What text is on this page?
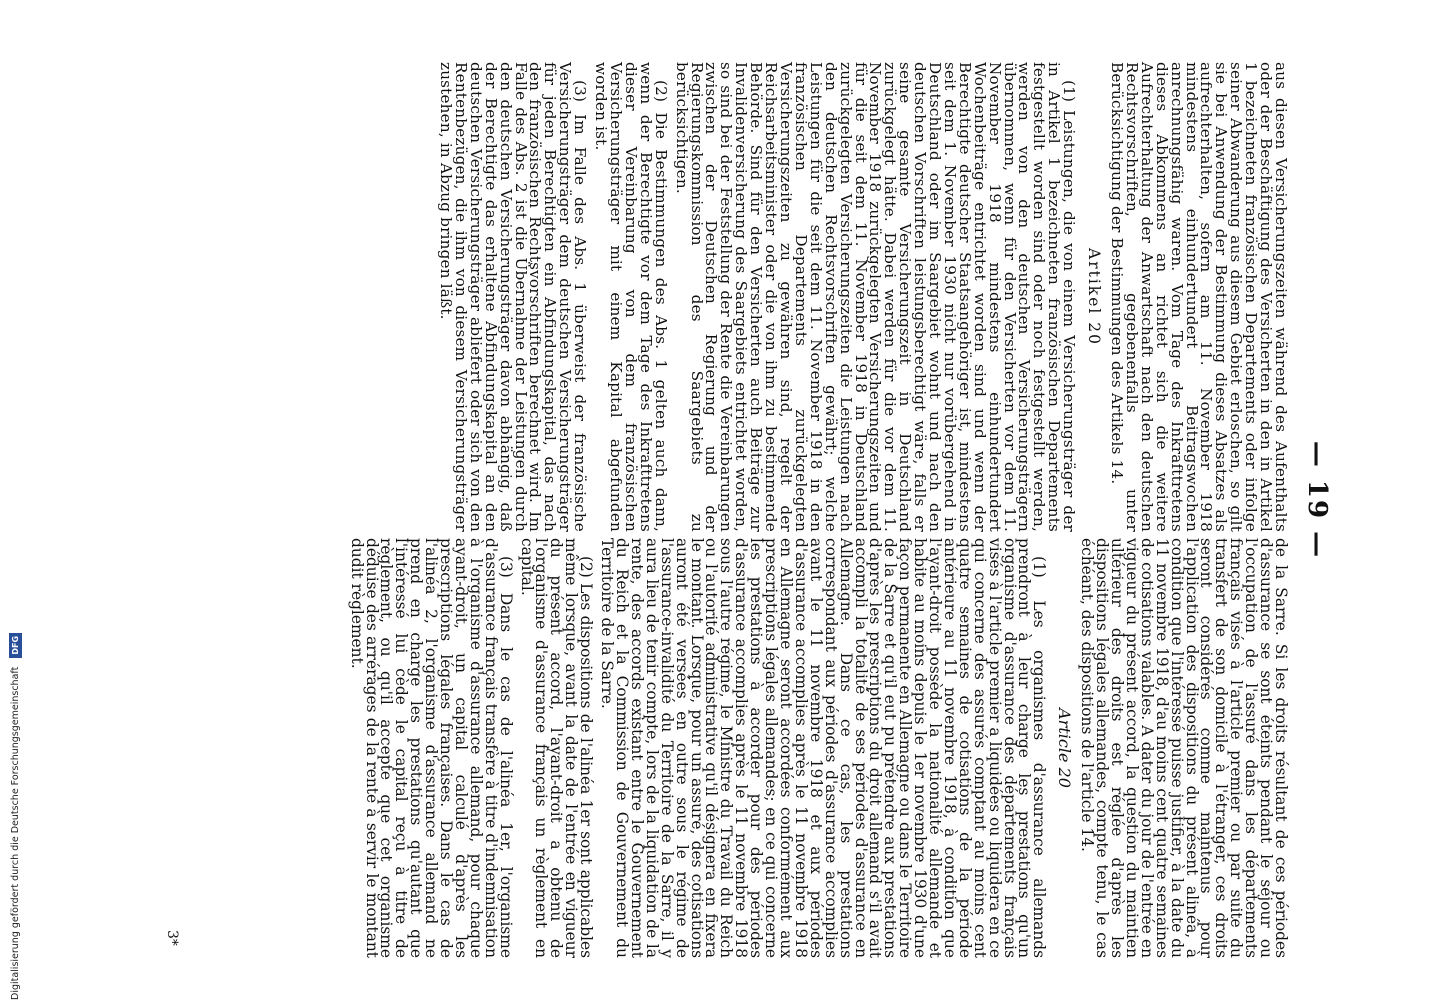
— 19 —

aus diesen Versicherungszeiten während des Aufenthalts oder der Beschäftigung des Versicherten in den in Artikel 1 bezeichneten französischen Departements oder infolge seiner Abwanderung aus diesem Gebiet erloschen, so gilt sie bei Anwendung der Bestimmung dieses Absatzes als aufrechterhalten, sofern am 11. November 1918 mindestens einhundertundert Beitragswochen anrechnungsfähig waren. Vom Tage des Inkrafttretens dieses Abkommens an richtet sich die weitere Aufrechterhaltung der Anwartschaft nach den deutschen Rechtsvorschriften, gegebenenfalls unter Berücksichtigung der Bestimmungen des Artikels 14.

Artikel 20

(1) Leistungen, die von einem Versicherungsträger der in Artikel 1 bezeichneten französischen Departements festgestellt worden sind oder noch festgestellt werden, werden von den deutschen Versicherungsträgern übernommen, wenn für den Versicherten vor dem 11. November 1918 mindestens einhundertundert Wochenbeiträge entrichtet worden sind und wenn der Berechtigte deutscher Staatsangehöriger ist, mindestens seit dem 1. November 1930 nicht nur vorübergehend in Deutschland oder im Saargebiet wohnt und nach den deutschen Vorschriften leistungsberechtigt wäre, falls er seine gesamte Versicherungszeit in Deutschland zurückgelegt hätte. Dabei werden für die vor dem 11. November 1918 zurückgelegten Versicherungszeiten und für die seit dem 11. November 1918 in Deutschland zurückgelegten Versicherungszeiten die Leistungen nach den deutschen Rechtsvorschriften gewährt; welche Leistungen für die seit dem 11. November 1918 in den französischen Departements zurückgelegten Versicherungszeiten zu gewähren sind, regelt der Reichsarbeitsminister oder die von ihm zu bestimmende Behörde. Sind für den Versicherten auch Beiträge zur Invalidenversicherung des Saargebiets entrichtet worden, so sind bei der Feststellung der Rente die Vereinbarungen zwischen der Deutschen Regierung und der Regierungskommission des Saargebiets zu berücksichtigen.

(2) Die Bestimmungen des Abs. 1 gelten auch dann, wenn der Berechtigte vor dem Tage des Inkrafttretens dieser Vereinbarung von dem französischen Versicherungsträger mit einem Kapital abgefunden worden ist.

(3) Im Falle des Abs. 1 überweist der französische Versicherungsträger dem deutschen Versicherungsträger für jeden Berechtigten ein Abfindungskapital, das nach den französischen Rechtsvorschriften berechnet wird. Im Falle des Abs. 2 ist die Übernahme der Leistungen durch den deutschen Versicherungsträger davon abhängig, daß der Berechtigte das erhaltene Abfindungskapital an den deutschen Versicherungsträger abliefert oder sich von den Rentenbezügen, die ihm von diesem Versicherungsträger zustehen, in Abzug bringen läßt.

de la Sarre. Si les droits résultant de ces périodes d'assurance se sont éteints pendant le séjour ou l'occupation de l'assuré dans les départements français visés à l'article premier ou par suite du transfert de son domicile à l'étranger, ces droits seront considérés comme maintenus pour l'application des dispositions du présent alinéa, à condition que l'intéressé puisse justifier, à la date du 11 novembre 1918, d'au moins cent quatre semaines de cotisations valables. A dater du jour de l'entrée en vigueur du présent accord, la question du maintien ultérieur des droits est réglée d'après les dispositions légales allemandes, compte tenu, le cas échéant, des dispositions de l'article 14.

Article 20

(1) Les organismes d'assurance allemands prendront à leur charge les prestations qu'un organisme d'assurance des départements français visés à l'article premier a liquidées ou liquidera en ce qui concerne des assurés comptant au moins cent quatre semaines de cotisations de la période antérieure au 11 novembre 1918, à condition que l'ayant-droit possède la nationalité allemande et habite au moins depuis le 1er novembre 1930 d'une façon permanente en Allemagne ou dans le Territoire de la Sarre et qu'il eut pu prétendre aux prestations d'après les prescriptions du droit allemand s'il avait accompli la totalité de ses périodes d'assurance en Allemagne. Dans ce cas, les prestations correspondant aux périodes d'assurance accomplies avant le 11 novembre 1918 et aux périodes d'assurance accomplies après le 11 novembre 1918 en Allemagne seront accordées conformément aux prescriptions légales allemandes; en ce qui concerne les prestations à accorder pour des périodes d'assurance accomplies après le 11 novembre 1918 sous l'autre régime, le Ministre du Travail du Reich ou l'autorité administrative qu'il désignera en fixera le montant. Lorsque, pour un assuré, des cotisations auront été versées en outre sous le régime de l'assurance-invalidité du Territoire de la Sarre, il y aura lieu de tenir compte, lors de la liquidation de la rente, des accords existant entre le Gouvernement du Reich et la Commission de Gouvernement du Territoire de la Sarre.

(2) Les dispositions de l'alinéa 1er sont applicables même lorsque, avant la date de l'entrée en vigueur du présent accord, l'ayant-droit a obtenu de l'organisme d'assurance français un règlement en capital.

(3) Dans le cas de l'alinéa 1er, l'organisme d'assurance français transfère à titre d'indemnisation à l'organisme d'assurance allemand, pour chaque ayant-droit, un capital calculé d'après les prescriptions légales françaises. Dans le cas de l'alinéa 2, l'organisme d'assurance allemand ne prend en charge les prestations qu'autant que l'intéressé lui cède le capital reçu à titre de règlement, ou qu'il accepte que cet organisme déduise des arrérages de la rente à servir le montant dudit règlement.

3*
Digitalisierung gefördert durch die Deutsche Forschungsgemeinschaft DFG
